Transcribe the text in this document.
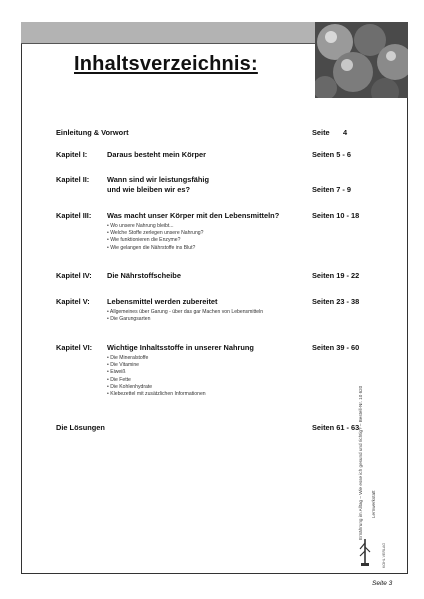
Inhaltsverzeichnis:
Einleitung & Vorwort	Seite 4
Kapitel I:	Daraus besteht mein Körper	Seiten 5 - 6
Kapitel II: Wann sind wir leistungsfähig
und wie bleiben wir es?	Seiten 7 - 9
Kapitel III: Was macht unser Körper mit den Lebensmitteln?	Seiten 10 - 18
• Wo unsere Nahrung bleibt...
• Welche Stoffe zerlegen unsere Nahrung?
• Wie funktionieren die Enzyme?
• Wie gelangen die Nährstoffe ins Blut?
Kapitel IV: Die Nährstoffscheibe	Seiten 19 - 22
Kapitel V: Lebensmittel werden zubereitet	Seiten 23 - 38
• Allgemeines über Garung - über das gar Machen von Lebensmitteln
• Die Garungsarten
Kapitel VI: Wichtige Inhaltsstoffe in unserer Nahrung	Seiten 39 - 60
• Die Mineralstoffe
• Die Vitamine
• Eiweiß
• Die Fette
• Die Kohlenhydrate
• Klebezettel mit zusätzlichen Informationen
Die Lösungen	Seiten 61 - 63
Ernährung im Alltag – Wie esse ich gesund und richtig? – Bestell-Nr. 10 620	Lernwerkstatt
KOHL VERLAG
Seite 3
